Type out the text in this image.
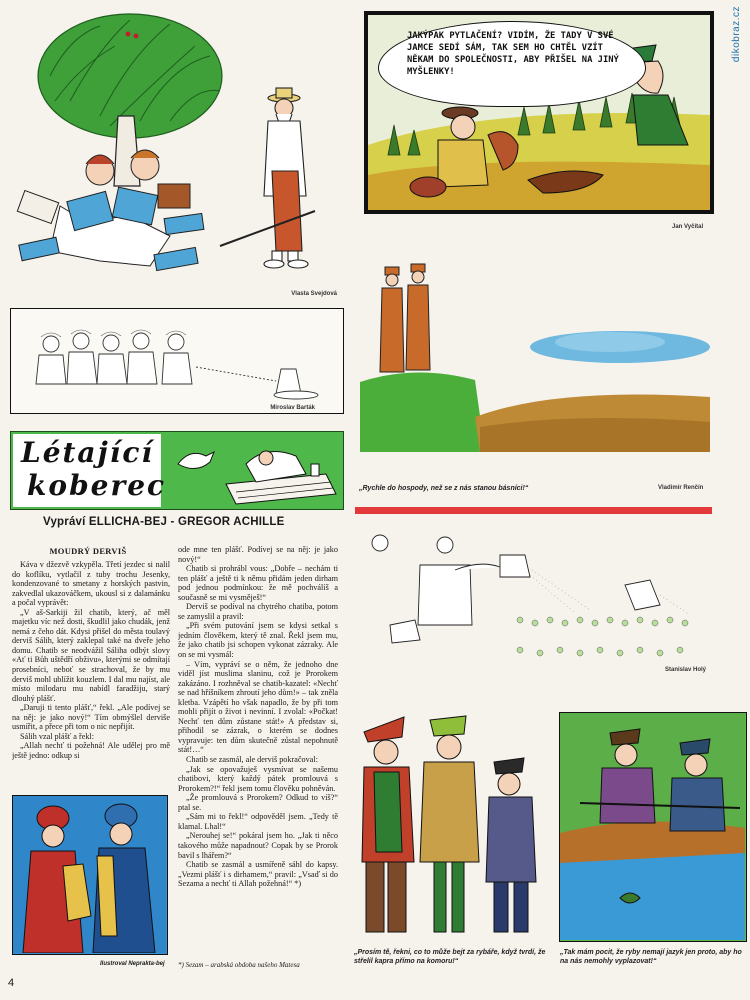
Vlasta Svejdová
JAKÝPAK PYTLAČENÍ? VIDÍM, ŽE TADY V SVÉ JAMCE SEDÍ SÁM, TAK SEM HO CHTĚL VZÍT NĚKAM DO SPOLEČNOSTI, ABY PŘIŠEL NA JINÝ MYŠLENKY!
Jan Vyčítal
dikobraz.cz
Miroslav Barták
Létající
koberec
Vypráví ELLICHA-BEJ - GREGOR ACHILLE
MOUDRÝ DERVIŠ

Káva v džezvě vzkypěla. Třetí jezdec si nalil do koflíku, vytlačil z tuby trochu Jesenky, kondenzované to smetany z horských pastvin, zakvedlal ukazováčkem, ukousl si z dalamánku a počal vyprávět:

„V aš-Sarkiji žil chatib, který, ač měl majetku víc než dosti, škudlil jako chudák, jenž nemá z čeho dát. Kdysi přišel do města toulavý derviš Sálih, který zaklepal také na dveře jeho domu. Chatib se neodvážil Sáliha odbýt slovy «Ať ti Bůh uštědří obživu», kterými se odmítají prosebníci, neboť se strachoval, že by mu derviš mohl ublížit kouzlem. I dal mu najíst, ale místo milodaru mu nabídl faradžiju, starý dlouhý plášť.

„Daruji ti tento plášť,“ řekl. „Ale podívej se na něj: je jako nový!“ Tím obmýšlel derviše usmířit, a přece při tom o nic nepřijít.

Sálih vzal plášť a řekl:

„Allah nechť ti požehná! Ale udělej pro mě ještě jedno: odkup si

ode mne ten plášť. Podívej se na něj: je jako nový!“

Chatib si prohrábl vous: „Dobře – nechám ti ten plášť a ještě ti k němu přidám jeden dirham pod jednou podmínkou: že mě pochválíš a současně se mi vysměješ!“

Derviš se podíval na chytrého chatiba, potom se zamyslil a pravil:

„Při svém putování jsem se kdysi setkal s jedním člověkem, který tě znal. Řekl jsem mu, že jako chatib jsi schopen vykonat zázraky. Ale on se mi vysmál:

– Vím, vypráví se o něm, že jednoho dne viděl jíst muslima slaninu, což je Prorokem zakázáno. I rozhněval se chatib-kazatel: «Nechť se nad hříšníkem zhroutí jeho dům!» – tak zněla kletba. Vzápětí ho však napadlo, že by při tom mohli přijít o život i nevinní. I zvolal: «Počkat! Nechť ten dům zůstane stát!» A představ si, přihodil se zázrak, o kterém se dodnes vypravuje: ten dům skutečně zůstal nepohnutě stát!…“

Chatib se zasmál, ale derviš pokračoval:

„Jak se opovažuješ vysmívat se našemu chatibovi, který každý pátek promlouvá s Prorokem?!“ řekl jsem tomu člověku pohněván.

„Že promlouvá s Prorokem? Odkud to víš?“ ptal se.

„Sám mi to řekl!“ odpověděl jsem. „Tedy tě klamal. Lhal!“

„Nerouhej se!“ pokáral jsem ho. „Jak ti něco takového může napadnout? Copak by se Prorok bavil s lhářem?“

Chatib se zasmál a usmířeně sáhl do kapsy. „Vezmi plášť i s dirhamem,“ pravil: „Vsaď si do Sezama a nechť ti Allah požehná!“ *)

Ilustroval Neprakta-bej *) Sezam – arabská obdoba našeho Matesa
„Rychle do hospody, než se z nás stanou básníci!“	Vladimír Renčín
Stanislav Holý
„Prosím tě, řekni, co to může bejt za rybáře, když tvrdí, že střelil kapra přímo na komoru!“
„Tak mám pocit, že ryby nemají jazyk jen proto, aby ho na nás nemohly vyplazovat!“
4
